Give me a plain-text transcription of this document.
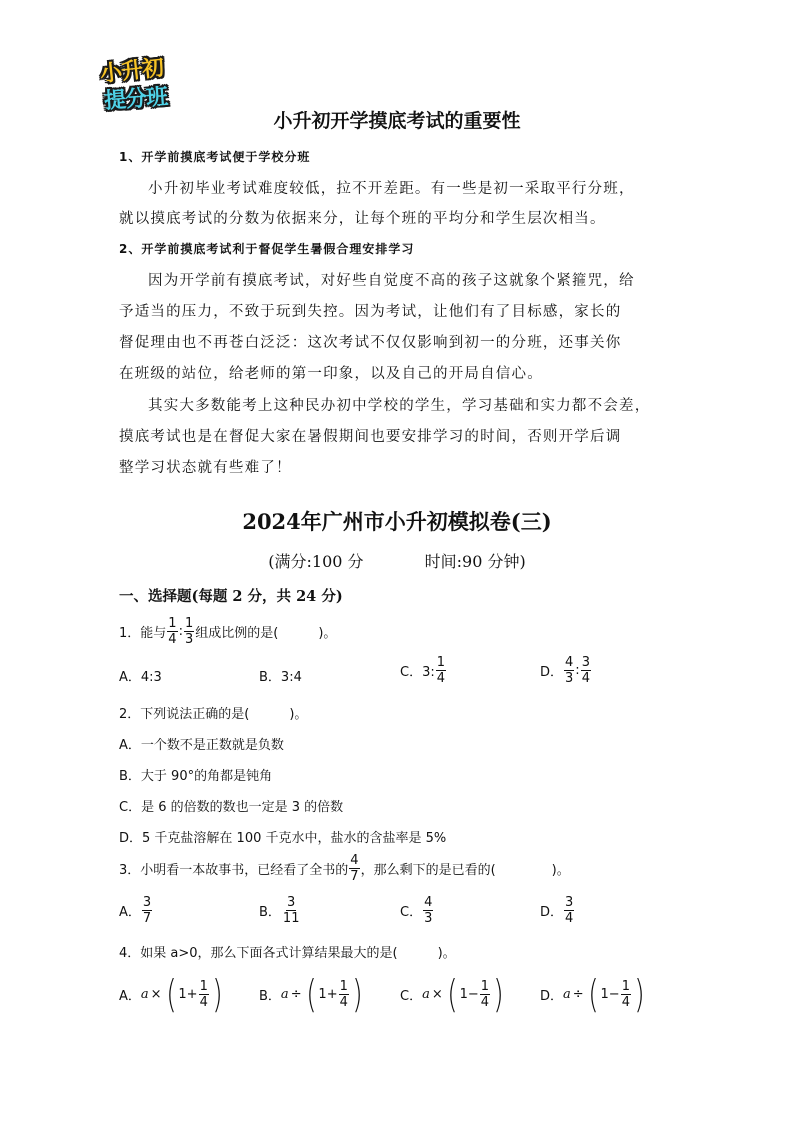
小升初
提分班
小升初开学摸底考试的重要性
1、开学前摸底考试便于学校分班
小升初毕业考试难度较低，拉不开差距。有一些是初一采取平行分班，
就以摸底考试的分数为依据来分，让每个班的平均分和学生层次相当。
2、开学前摸底考试利于督促学生暑假合理安排学习
因为开学前有摸底考试，对好些自觉度不高的孩子这就象个紧箍咒，给
予适当的压力，不致于玩到失控。因为考试，让他们有了目标感，家长的
督促理由也不再苍白泛泛：这次考试不仅仅影响到初一的分班，还事关你
在班级的站位，给老师的第一印象，以及自己的开局自信心。
其实大多数能考上这种民办初中学校的学生，学习基础和实力都不会差，
摸底考试也是在督促大家在暑假期间也要安排学习的时间，否则开学后调
整学习状态就有些难了！
2024年广州市小升初模拟卷(三)
(满分:100 分	时间:90 分钟)
一、选择题(每题 2 分，共 24 分)
1．能与 $\frac{1}{4}$ : $\frac{1}{3}$ 组成比例的是(	)。
A．4:3	B．3:4	C．3: $\frac{1}{4}$	D． $\frac{4}{3}$ : $\frac{3}{4}$
2．下列说法正确的是(	)。
A．一个数不是正数就是负数
B．大于 90°的角都是钝角
C．是 6 的倍数的数也一定是 3 的倍数
D．5 千克盐溶解在 100 千克水中，盐水的含盐率是 5%
3．小明看一本故事书，已经看了全书的 $\frac{4}{7}$ ，那么剩下的是已看的(	)。
A． $\frac{3}{7}$	B． $\frac{3}{11}$	C． $\frac{4}{3}$	D． $\frac{3}{4}$
4．如果 a>0，那么下面各式计算结果最大的是(	)。
A． a × ( $1+ \frac{1}{4}$ )	B． a ÷ ( $1+ \frac{1}{4}$ )	C． a × ( $1- \frac{1}{4}$ )	D． a ÷ ( $1- \frac{1}{4}$ )
